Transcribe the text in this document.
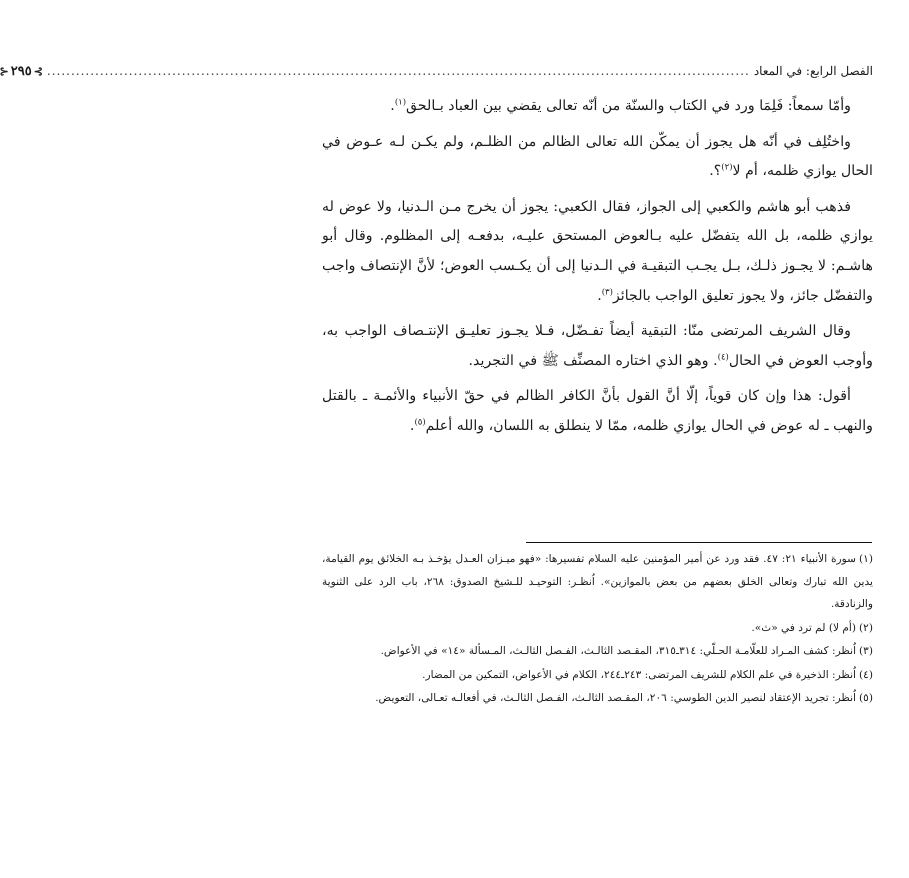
الفصل الرابع: في المعاد
..................................................................................................................................................
⊱
٢٩٥
⊰

وأمّا سمعاً: فَلِمَا ورد في الكتاب والسنّة من أنّه تعالى يقضي بين العباد بـالحق$^{(١)}$.

واختُلِف في أنّه هل يجوز أن يمكّن الله تعالى الظالم من الظلـم، ولم يكـن لـه عـوض في الحال يوازي ظلمه، أم لا$^{(٢)}$؟.

فذهب أبو هاشم والكعبي إلى الجواز، فقال الكعبي: يجوز أن يخرج مـن الـدنيا، ولا عوض له يوازي ظلمه، بل الله يتفضّل عليه بـالعوض المستحق عليـه، بدفعـه إلى المظلوم. وقال أبو هاشـم: لا يجـوز ذلـك، بـل يجـب التبقيـة في الـدنيا إلى أن يكـسب العوض؛ لأنَّ الإنتصاف واجب والتفضّل جائز، ولا يجوز تعليق الواجب بالجائز$^{(٣)}$.

وقال الشريف المرتضى منّا: التبقية أيضاً تفـضّل، فـلا يجـوز تعليـق الإنتـصاف الواجب به، وأوجب العوض في الحال$^{(٤)}$. وهو الذي اختاره المصنِّف ﷺ في التجريد.

أقول: هذا وإن كان قوياً، إلّا أنَّ القول بأنَّ الكافر الظالم في حقّ الأنبياء والأئمـة ـ بالقتل والنهب ـ له عوض في الحال يوازي ظلمه، ممّا لا ينطلق به اللسان، والله أعلم$^{(٥)}$.

(١)سورة الأنبياء ٢١: ٤٧. فقد ورد عن أمير المؤمنين عليه السلام تفسيرها: «فهو ميـزان العـدل يؤخـذ بـه الخلائق يوم القيامة، يدين الله تبارك وتعالى الخلق بعضهم من بعض بالموازين». اُنظـر: التوحيـد للـشيخ الصدوق: ٢٦٨، باب الرد على الثنوية والزنادقة.
(٢)(أم لا) لم ترد في «ث».
(٣)اُنظر: كشف المـراد للعلّامـة الحـلّي: ٣١٤ـ٣١٥، المقـصد الثالـث، الفـصل الثالـث، المـسألة «١٤» في الأعواض.
(٤)اُنظر: الذخيرة في علم الكلام للشريف المرتضى: ٢٤٣ـ٢٤٤، الكلام في الأعواض، التمكين من المضار.
(٥)اُنظر: تجريد الإعتقاد لنصير الدين الطوسي: ٢٠٦، المقـصد الثالـث، الفـصل الثالـث، في أفعالـه تعـالى، التعويض.
